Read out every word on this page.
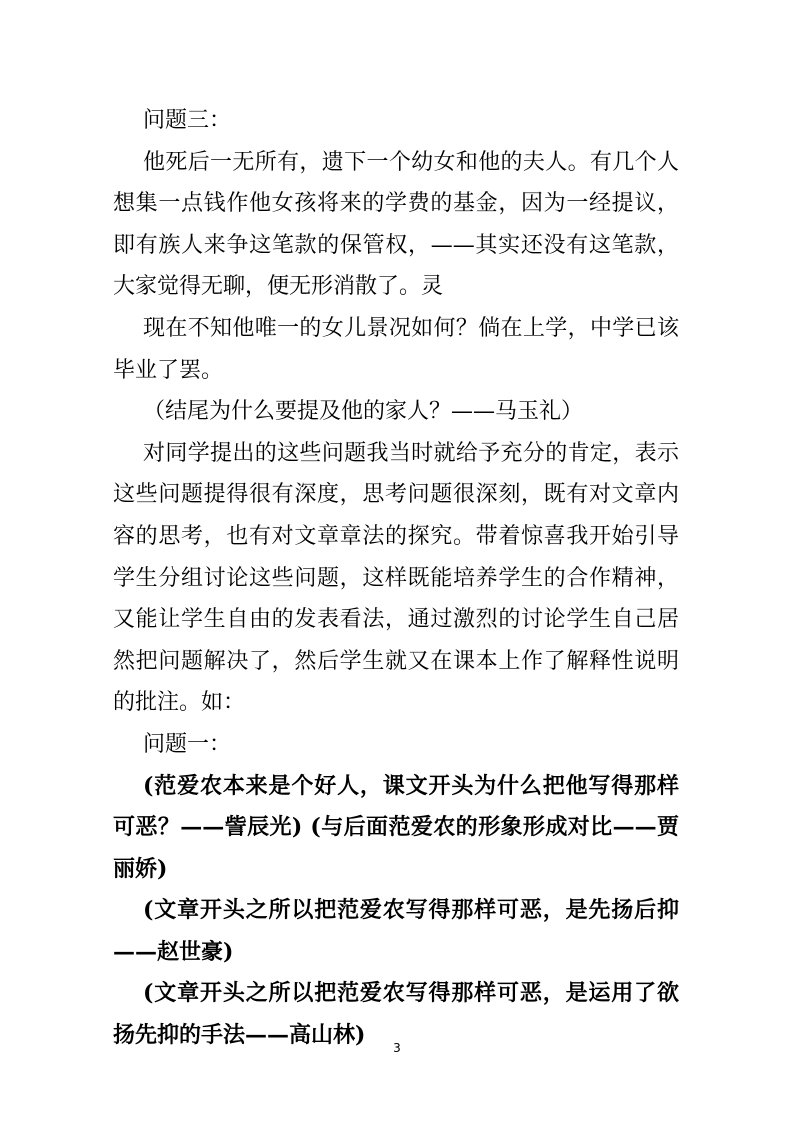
问题三：

他死后一无所有，遗下一个幼女和他的夫人。有几个人想集一点钱作他女孩将来的学费的基金，因为一经提议，即有族人来争这笔款的保管权，——其实还没有这笔款，大家觉得无聊，便无形消散了。灵

现在不知他唯一的女儿景况如何？倘在上学，中学已该毕业了罢。

（结尾为什么要提及他的家人？——马玉礼）

对同学提出的这些问题我当时就给予充分的肯定，表示这些问题提得很有深度，思考问题很深刻，既有对文章内容的思考，也有对文章章法的探究。带着惊喜我开始引导学生分组讨论这些问题，这样既能培养学生的合作精神，又能让学生自由的发表看法，通过激烈的讨论学生自己居然把问题解决了，然后学生就又在课本上作了解释性说明的批注。如：

问题一：

(范爱农本来是个好人，课文开头为什么把他写得那样可恶？——訾辰光) (与后面范爱农的形象形成对比——贾丽娇)

(文章开头之所以把范爱农写得那样可恶，是先扬后抑——赵世豪)

(文章开头之所以把范爱农写得那样可恶，是运用了欲扬先抑的手法——高山林)	3
